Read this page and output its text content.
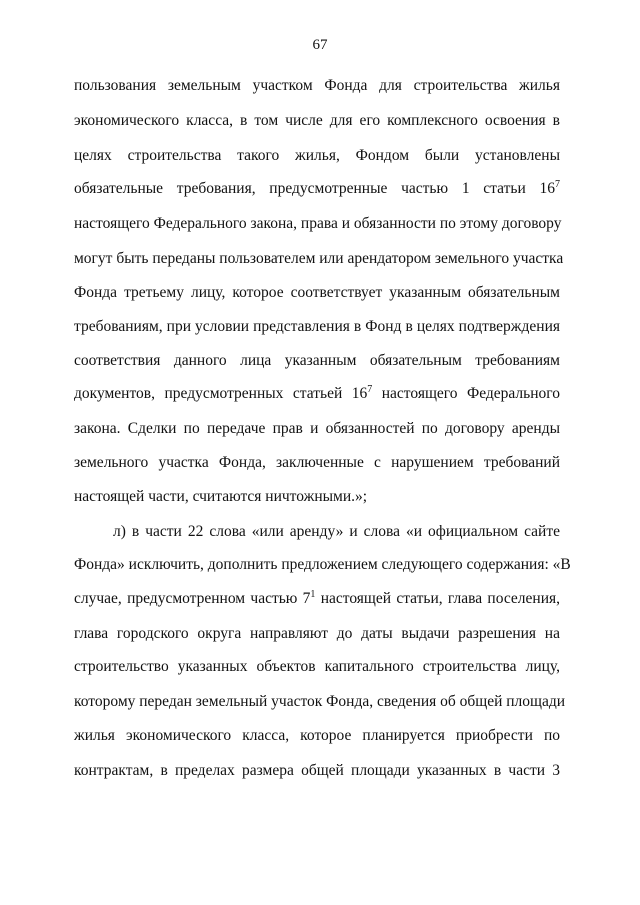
67
пользования земельным участком Фонда для строительства жилья
экономического класса, в том числе для его комплексного освоения в
целях строительства такого жилья, Фондом были установлены
обязательные требования, предусмотренные частью 1 статьи $16^7$
настоящего Федерального закона, права и обязанности по этому договору
могут быть переданы пользователем или арендатором земельного участка
Фонда третьему лицу, которое соответствует указанным обязательным
требованиям, при условии представления в Фонд в целях подтверждения
соответствия данного лица указанным обязательным требованиям
документов, предусмотренных статьей $16^7$ настоящего Федерального
закона. Сделки по передаче прав и обязанностей по договору аренды
земельного участка Фонда, заключенные с нарушением требований
настоящей части, считаются ничтожными.»;
л) в части 22 слова «или аренду» и слова «и официальном сайте
Фонда» исключить, дополнить предложением следующего содержания: «В
случае, предусмотренном частью $7^1$ настоящей статьи, глава поселения,
глава городского округа направляют до даты выдачи разрешения на
строительство указанных объектов капитального строительства лицу,
которому передан земельный участок Фонда, сведения об общей площади
жилья экономического класса, которое планируется приобрести по
контрактам, в пределах размера общей площади указанных в части 3
